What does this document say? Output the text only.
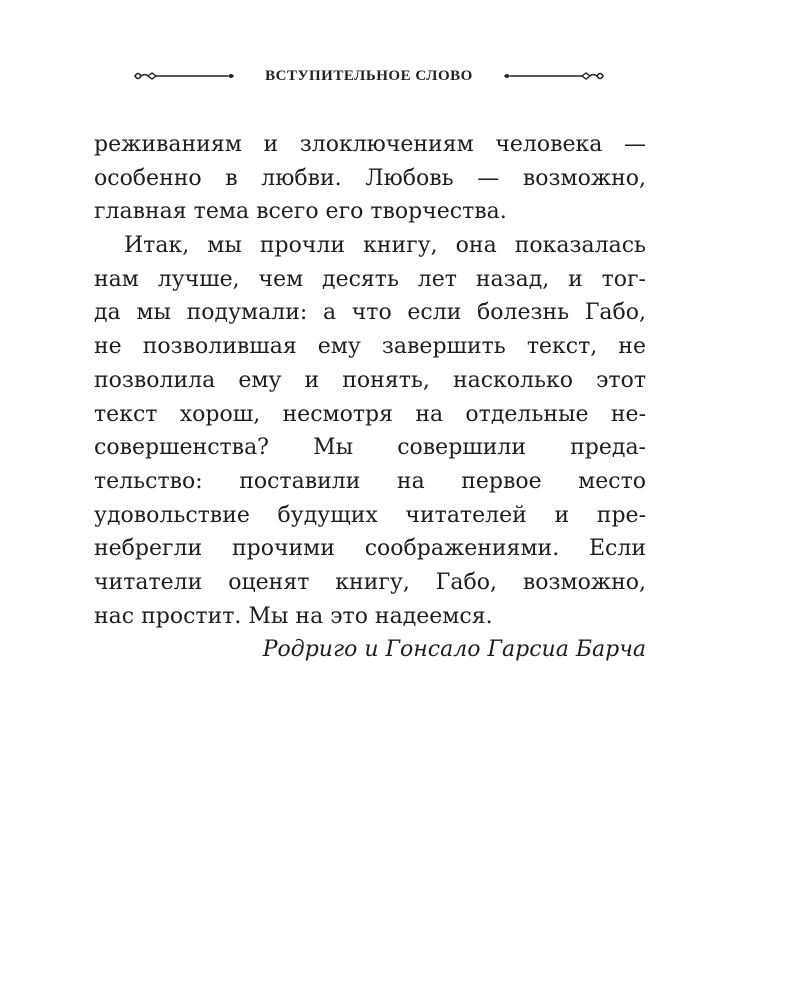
ВСТУПИТЕЛЬНОЕ СЛОВО
реживаниям и злоключениям человека —
особенно в любви. Любовь — возможно,
главная тема всего его творчества.
Итак, мы прочли книгу, она показалась
нам лучше, чем десять лет назад, и тог-
да мы подумали: а что если болезнь Габо,
не позволившая ему завершить текст, не
позволила ему и понять, насколько этот
текст хорош, несмотря на отдельные не-
совершенства? Мы совершили преда-
тельство: поставили на первое место
удовольствие будущих читателей и пре-
небрегли прочими соображениями. Если
читатели оценят книгу, Габо, возможно,
нас простит. Мы на это надеемся.
Родриго и Гонсало Гарсиа Барча
